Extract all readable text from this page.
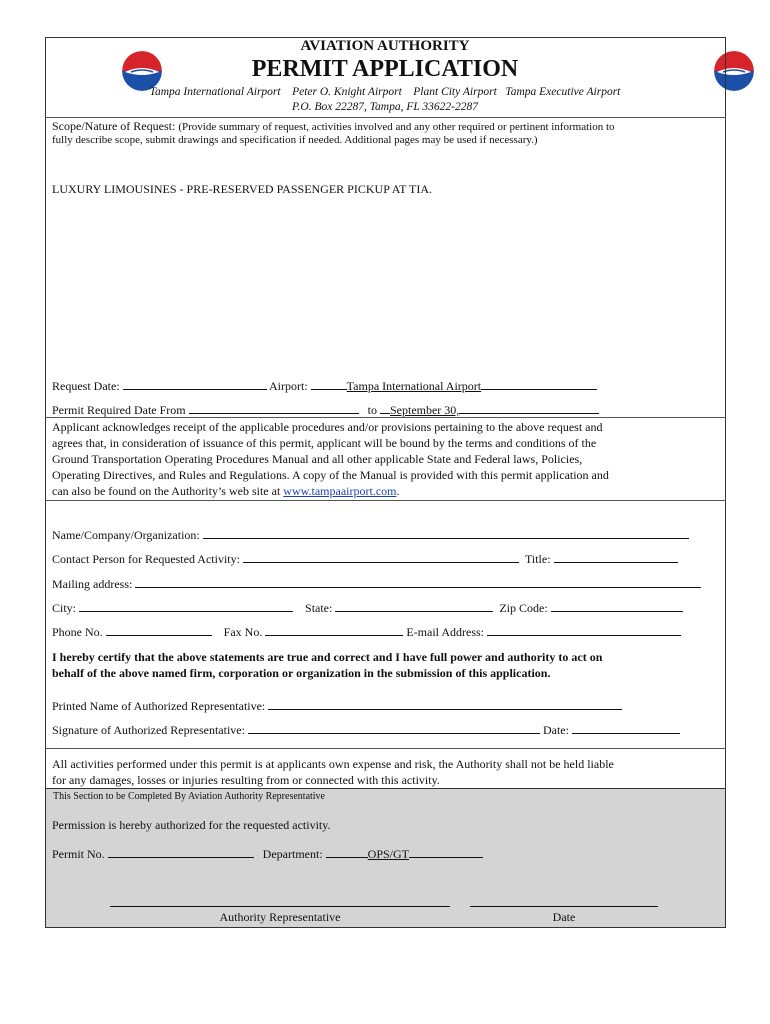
AVIATION AUTHORITY
PERMIT APPLICATION
Tampa International Airport    Peter O. Knight Airport    Plant City Airport   Tampa Executive Airport
P.O. Box 22287, Tampa, FL 33622-2287
Scope/Nature of Request: (Provide summary of request, activities involved and any other required or pertinent information to
fully describe scope, submit drawings and specification if needed. Additional pages may be used if necessary.)
LUXURY LIMOUSINES - PRE-RESERVED PASSENGER PICKUP AT TIA.
Request Date:	Airport:	Tampa International Airport
Permit Required Date From	to September 30,

Applicant acknowledges receipt of the applicable procedures and/or provisions pertaining to the above request and

agrees that, in consideration of issuance of this permit, applicant will be bound by the terms and conditions of the

Ground Transportation Operating Procedures Manual and all other applicable State and Federal laws, Policies,

Operating Directives, and Rules and Regulations. A copy of the Manual is provided with this permit application and

can also be found on the Authority’s web site at www.tampaairport.com.

Name/Company/Organization:
Contact Person for Requested Activity:	Title:
Mailing address:
City:	State:	Zip Code:
Phone No.	Fax No.	E-mail Address:
I hereby certify that the above statements are true and correct and I have full power and authority to act on
behalf of the above named firm, corporation or organization in the submission of this application.
Printed Name of Authorized Representative:
Signature of Authorized Representative:	Date:
All activities performed under this permit is at applicants own expense and risk, the Authority shall not be held liable
for any damages, losses or injuries resulting from or connected with this activity.
This Section to be Completed By Aviation Authority Representative
Permission is hereby authorized for the requested activity.
Permit No.	Department:	OPS/GT
Authority Representative	Date
